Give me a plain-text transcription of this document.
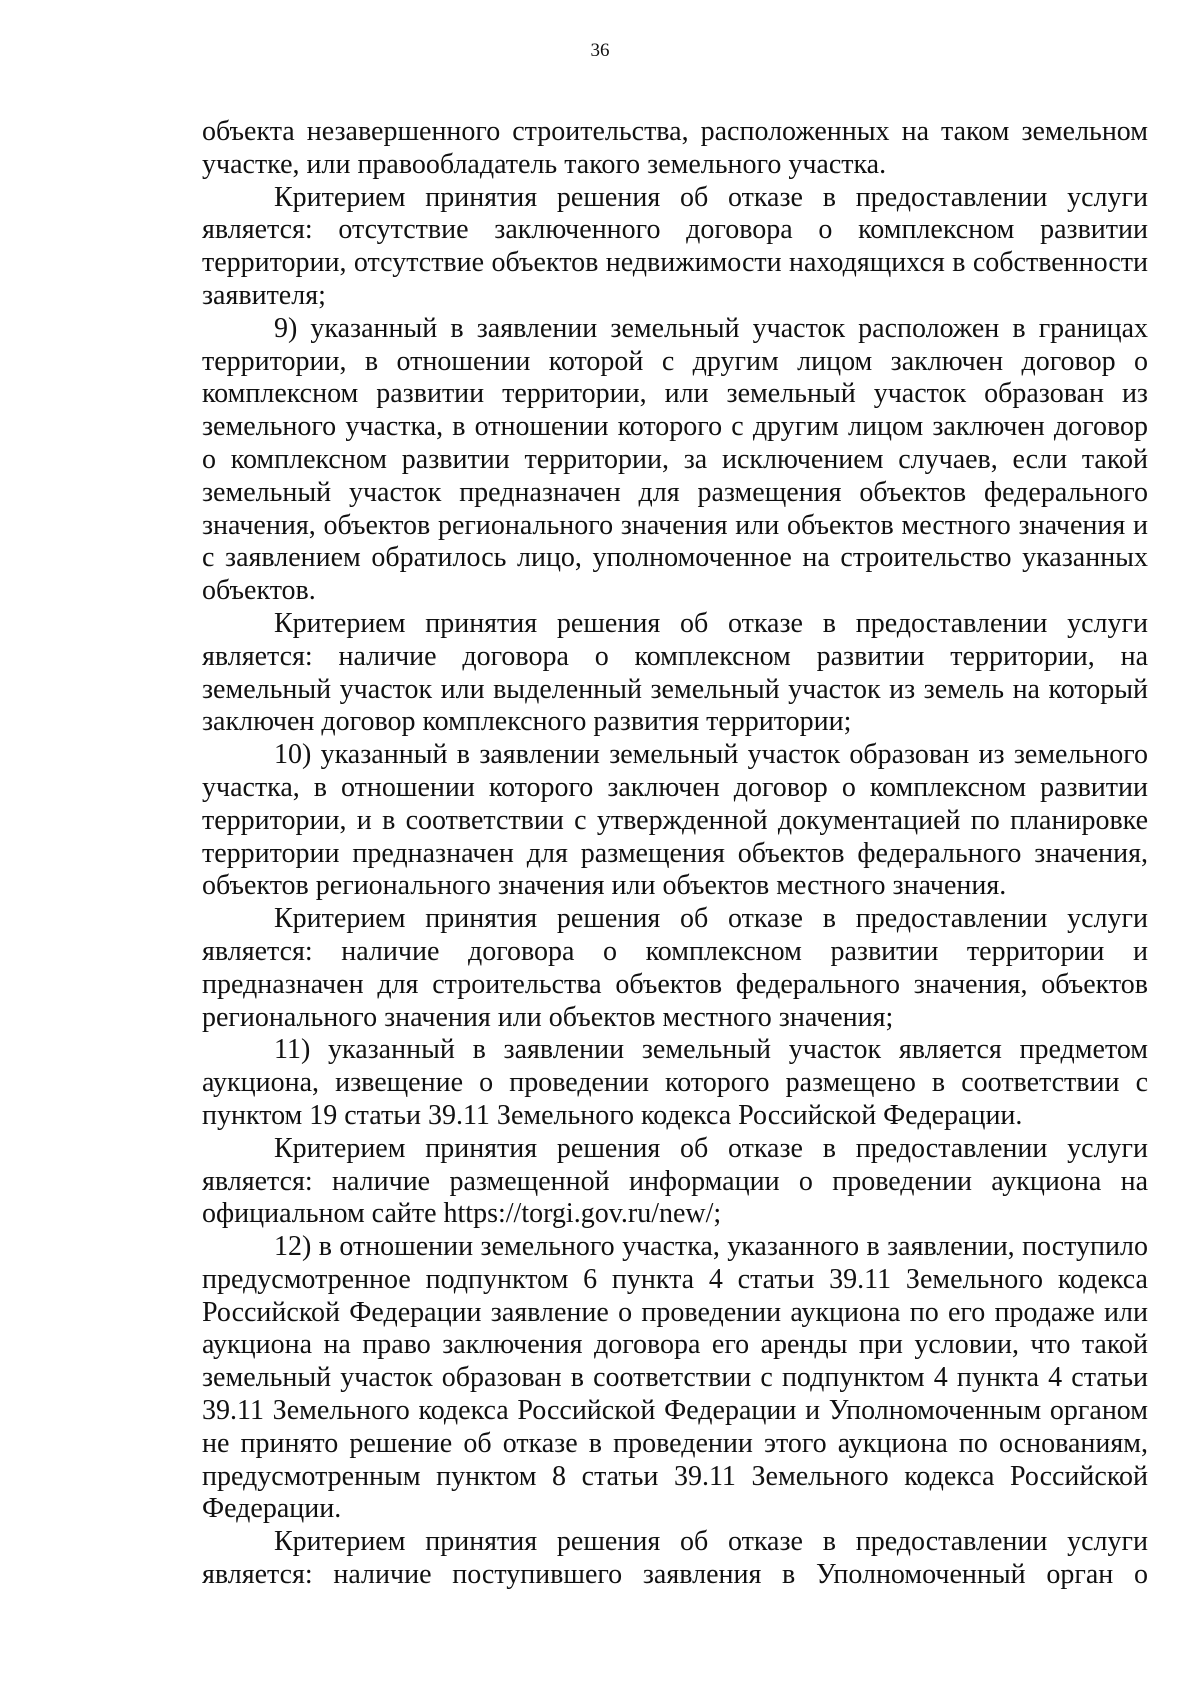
36

объекта незавершенного строительства, расположенных на таком земельном участке, или правообладатель такого земельного участка.

Критерием принятия решения об отказе в предоставлении услуги является: отсутствие заключенного договора о комплексном развитии территории, отсутствие объектов недвижимости находящихся в собственности заявителя;

9) указанный в заявлении земельный участок расположен в границах территории, в отношении которой с другим лицом заключен договор о комплексном развитии территории, или земельный участок образован из земельного участка, в отношении которого с другим лицом заключен договор о комплексном развитии территории, за исключением случаев, если такой земельный участок предназначен для размещения объектов федерального значения, объектов регионального значения или объектов местного значения и с заявлением обратилось лицо, уполномоченное на строительство указанных объектов.

Критерием принятия решения об отказе в предоставлении услуги является: наличие договора о комплексном развитии территории, на земельный участок или выделенный земельный участок из земель на который заключен договор комплексного развития территории;

10) указанный в заявлении земельный участок образован из земельного участка, в отношении которого заключен договор о комплексном развитии территории, и в соответствии с утвержденной документацией по планировке территории предназначен для размещения объектов федерального значения, объектов регионального значения или объектов местного значения.

Критерием принятия решения об отказе в предоставлении услуги является: наличие договора о комплексном развитии территории и предназначен для строительства объектов федерального значения, объектов регионального значения или объектов местного значения;

11) указанный в заявлении земельный участок является предметом аукциона, извещение о проведении которого размещено в соответствии с пунктом 19 статьи 39.11 Земельного кодекса Российской Федерации.

Критерием принятия решения об отказе в предоставлении услуги является: наличие размещенной информации о проведении аукциона на официальном сайте https://torgi.gov.ru/new/;

12) в отношении земельного участка, указанного в заявлении, поступило предусмотренное подпунктом 6 пункта 4 статьи 39.11 Земельного кодекса Российской Федерации заявление о проведении аукциона по его продаже или аукциона на право заключения договора его аренды при условии, что такой земельный участок образован в соответствии с подпунктом 4 пункта 4 статьи 39.11 Земельного кодекса Российской Федерации и Уполномоченным органом не принято решение об отказе в проведении этого аукциона по основаниям, предусмотренным пунктом 8 статьи 39.11 Земельного кодекса Российской Федерации.

Критерием принятия решения об отказе в предоставлении услуги является: наличие поступившего заявления в Уполномоченный орган о
